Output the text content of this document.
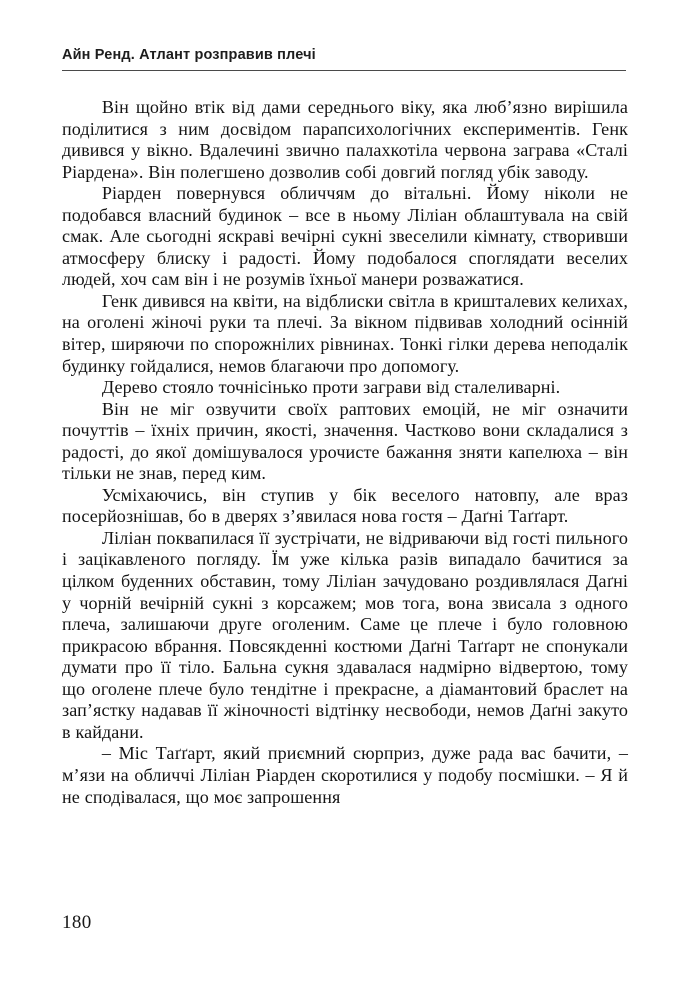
Айн Ренд. Атлант розправив плечі

Він щойно втік від дами середнього віку, яка люб’язно вирішила поділитися з ним досвідом парапсихологічних експериментів. Генк дивився у вікно. Вдалечині звично палахкотіла червона заграва «Сталі Ріардена». Він полегшено дозволив собі довгий погляд убік заводу.

Ріарден повернувся обличчям до вітальні. Йому ніколи не подобався власний будинок – все в ньому Ліліан облаштувала на свій смак. Але сьогодні яскраві вечірні сукні звеселили кімнату, створивши атмосферу блиску і радості. Йому подобалося споглядати веселих людей, хоч сам він і не розумів їхньої манери розважатися.

Генк дивився на квіти, на відблиски світла в кришталевих келихах, на оголені жіночі руки та плечі. За вікном підвивав холодний осінній вітер, ширяючи по спорожнілих рівнинах. Тонкі гілки дерева неподалік будинку гойдалися, немов благаючи про допомогу.

Дерево стояло точнісінько проти заграви від сталеливарні.

Він не міг озвучити своїх раптових емоцій, не міг означити почуттів – їхніх причин, якості, значення. Частково вони складалися з радості, до якої домішувалося урочисте бажання зняти капелюха – він тільки не знав, перед ким.

Усміхаючись, він ступив у бік веселого натовпу, але враз посерйознішав, бо в дверях з’явилася нова гостя – Даґні Таґґарт.

Ліліан поквапилася її зустрічати, не відриваючи від гості пильного і зацікавленого погляду. Їм уже кілька разів випадало бачитися за цілком буденних обставин, тому Ліліан зачудовано роздивлялася Даґні у чорній вечірній сукні з корсажем; мов тога, вона звисала з одного плеча, залишаючи друге оголеним. Саме це плече і було головною прикрасою вбрання. Повсякденні костюми Даґні Таґґарт не спонукали думати про її тіло. Бальна сукня здавалася надмірно відвертою, тому що оголене плече було тендітне і прекрасне, а діамантовий браслет на зап’ястку надавав її жіночності відтінку несвободи, немов Даґні закуто в кайдани.

– Міс Таґґарт, який приємний сюрприз, дуже рада вас бачити, – м’язи на обличчі Ліліан Ріарден скоротилися у подобу посмішки. – Я й не сподівалася, що моє запрошення

180
